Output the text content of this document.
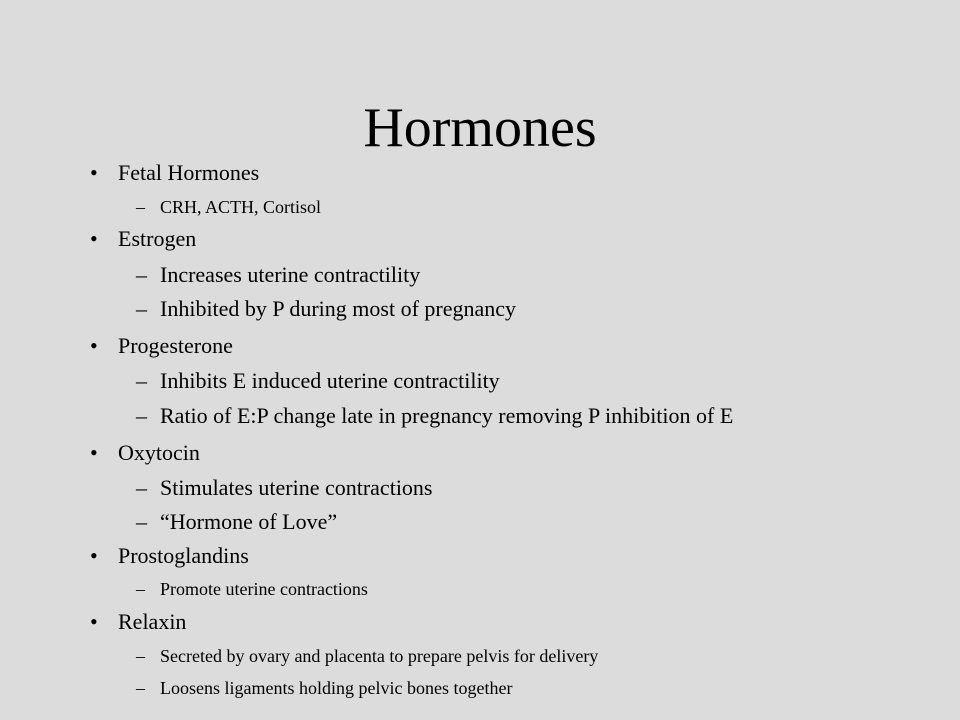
Hormones
• Fetal Hormones
– CRH, ACTH, Cortisol
• Estrogen
– Increases uterine contractility
– Inhibited by P during most of pregnancy
• Progesterone
– Inhibits E induced uterine contractility
– Ratio of E:P change late in pregnancy removing P inhibition of E
• Oxytocin
– Stimulates uterine contractions
– “Hormone of Love”
• Prostoglandins
– Promote uterine contractions
• Relaxin
– Secreted by ovary and placenta to prepare pelvis for delivery
– Loosens ligaments holding pelvic bones together
